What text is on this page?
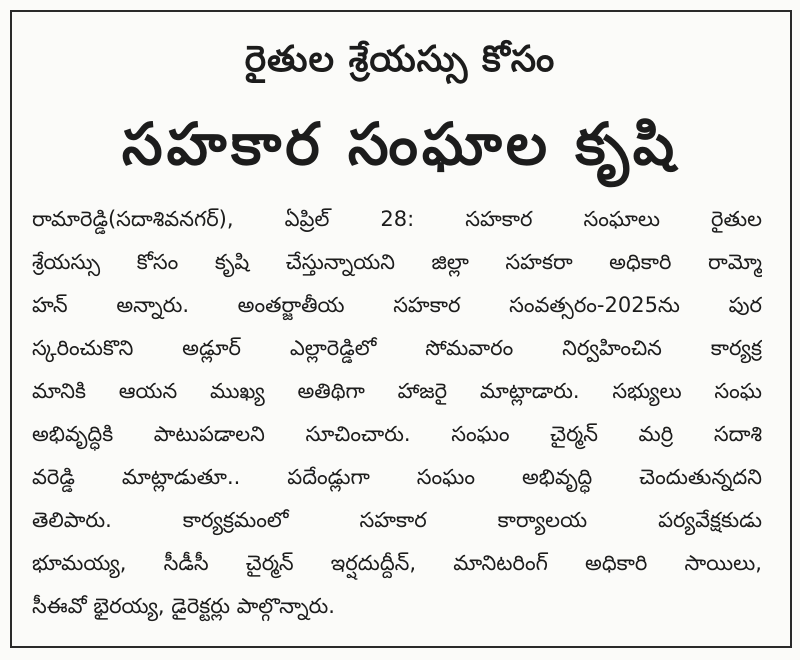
రైతుల శ్రేయస్సు కోసం
సహకార సంఘాల కృషి
రామారెడ్డి(సదాశివనగర్), ఏప్రిల్ 28: సహకార సంఘాలు రైతుల
శ్రేయస్సు కోసం కృషి చేస్తున్నాయని జిల్లా సహకరా అధికారి రామ్మో
హన్ అన్నారు. అంతర్జాతీయ సహకార సంవత్సరం-2025ను పుర
స్కరించుకొని అడ్లూర్ ఎల్లారెడ్డిలో సోమవారం నిర్వహించిన కార్యక్ర
మానికి ఆయన ముఖ్య అతిథిగా హాజరై మాట్లాడారు. సభ్యులు సంఘ
అభివృద్ధికి పాటుపడాలని సూచించారు. సంఘం చైర్మన్ మర్రి సదాశి
వరెడ్డి మాట్లాడుతూ.. పదేండ్లుగా సంఘం అభివృద్ధి చెందుతున్నదని
తెలిపారు. కార్యక్రమంలో సహకార కార్యాలయ పర్యవేక్షకుడు
భూమయ్య, సీడీసీ చైర్మన్ ఇర్షదుద్దీన్, మానిటరింగ్ అధికారి సాయిలు,
సీఈవో భైరయ్య, డైరెక్టర్లు పాల్గొన్నారు.
